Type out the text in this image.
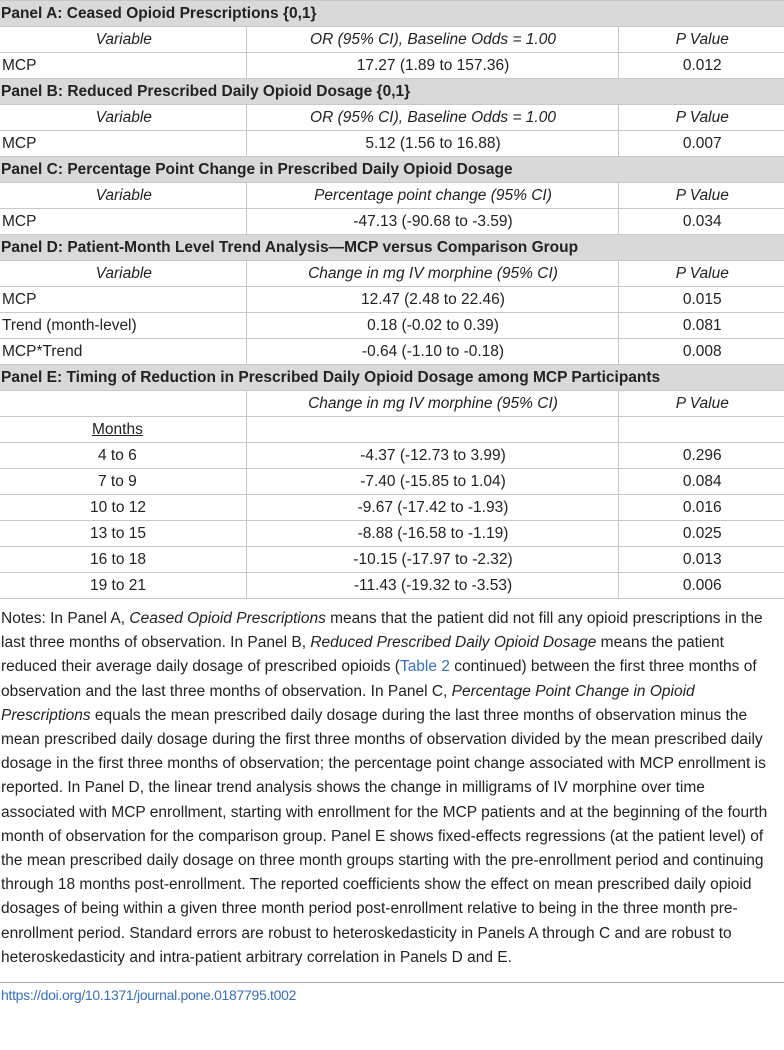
Panel A: Ceased Opioid Prescriptions {0,1}		
Variable	OR (95% CI), Baseline Odds = 1.00	P Value
MCP	17.27 (1.89 to 157.36)	0.012
Panel B: Reduced Prescribed Daily Opioid Dosage {0,1}		
Variable	OR (95% CI), Baseline Odds = 1.00	P Value
MCP	5.12 (1.56 to 16.88)	0.007
Panel C: Percentage Point Change in Prescribed Daily Opioid Dosage		
Variable	Percentage point change (95% CI)	P Value
MCP	-47.13 (-90.68 to -3.59)	0.034
Panel D: Patient-Month Level Trend Analysis—MCP versus Comparison Group		
Variable	Change in mg IV morphine (95% CI)	P Value
MCP	12.47 (2.48 to 22.46)	0.015
Trend (month-level)	0.18 (-0.02 to 0.39)	0.081
MCP*Trend	-0.64 (-1.10 to -0.18)	0.008
Panel E: Timing of Reduction in Prescribed Daily Opioid Dosage among MCP Participants		
	Change in mg IV morphine (95% CI)	P Value
Months		
4 to 6	-4.37 (-12.73 to 3.99)	0.296
7 to 9	-7.40 (-15.85 to 1.04)	0.084
10 to 12	-9.67 (-17.42 to -1.93)	0.016
13 to 15	-8.88 (-16.58 to -1.19)	0.025
16 to 18	-10.15 (-17.97 to -2.32)	0.013
19 to 21	-11.43 (-19.32 to -3.53)	0.006

Notes: In Panel A, Ceased Opioid Prescriptions means that the patient did not fill any opioid prescriptions in the last three months of observation. In Panel B, Reduced Prescribed Daily Opioid Dosage means the patient reduced their average daily dosage of prescribed opioids (Table 2 continued) between the first three months of observation and the last three months of observation. In Panel C, Percentage Point Change in Opioid Prescriptions equals the mean prescribed daily dosage during the last three months of observation minus the mean prescribed daily dosage during the first three months of observation divided by the mean prescribed daily dosage in the first three months of observation; the percentage point change associated with MCP enrollment is reported. In Panel D, the linear trend analysis shows the change in milligrams of IV morphine over time associated with MCP enrollment, starting with enrollment for the MCP patients and at the beginning of the fourth month of observation for the comparison group. Panel E shows fixed-effects regressions (at the patient level) of the mean prescribed daily dosage on three month groups starting with the pre-enrollment period and continuing through 18 months post-enrollment. The reported coefficients show the effect on mean prescribed daily opioid dosages of being within a given three month period post-enrollment relative to being in the three month pre-enrollment period. Standard errors are robust to heteroskedasticity in Panels A through C and are robust to heteroskedasticity and intra-patient arbitrary correlation in Panels D and E.

https://doi.org/10.1371/journal.pone.0187795.t002
